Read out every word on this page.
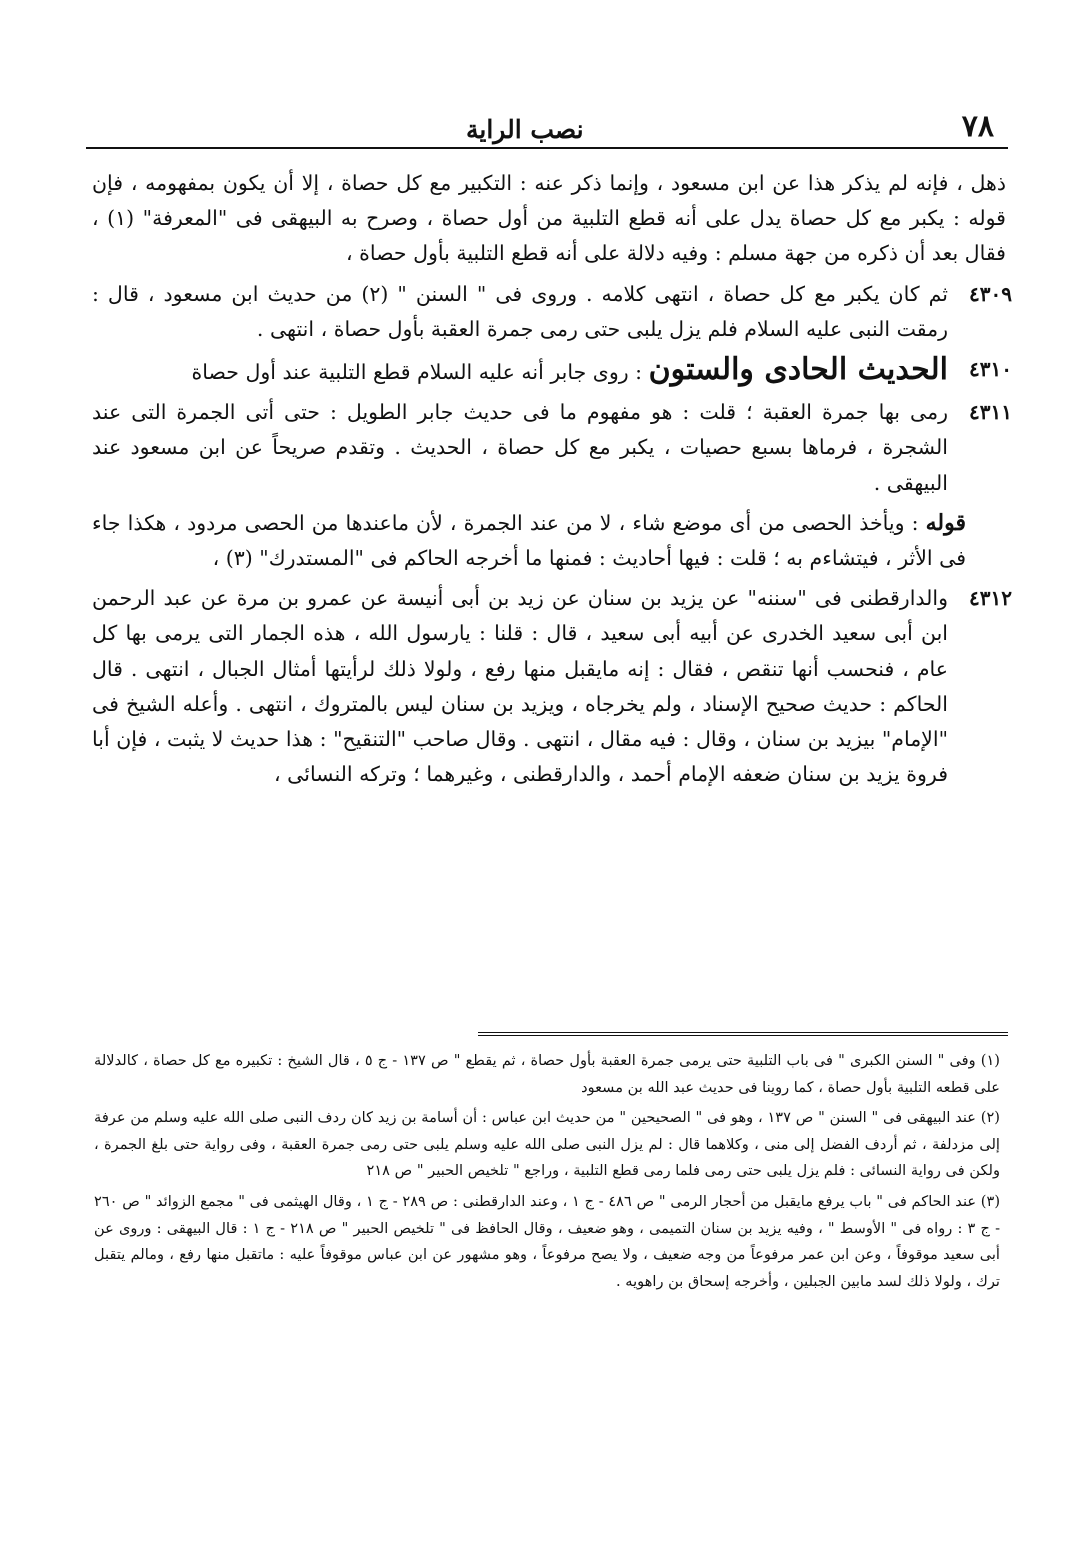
٧٨
نصب الراية

ذهل ، فإنه لم يذكر هذا عن ابن مسعود ، وإنما ذكر عنه : التكبير مع كل حصاة ، إلا أن يكون بمفهومه ، فإن قوله : يكبر مع كل حصاة يدل على أنه قطع التلبية من أول حصاة ، وصرح به البيهقى فى "المعرفة" (١) ، فقال بعد أن ذكره من جهة مسلم : وفيه دلالة على أنه قطع التلبية بأول حصاة ،

٤٣٠٩
ثم كان يكبر مع كل حصاة ، انتهى كلامه . وروى فى " السنن " (٢) من حديث ابن مسعود ، قال : رمقت النبى عليه السلام فلم يزل يلبى حتى رمى جمرة العقبة بأول حصاة ، انتهى .

٤٣١٠
الحديث الحادى والستون : روى جابر أنه عليه السلام قطع التلبية عند أول حصاة

٤٣١١
رمى بها جمرة العقبة ؛ قلت : هو مفهوم ما فى حديث جابر الطويل : حتى أتى الجمرة التى عند الشجرة ، فرماها بسبع حصيات ، يكبر مع كل حصاة ، الحديث . وتقدم صريحاً عن ابن مسعود عند البيهقى .

قوله : ويأخذ الحصى من أى موضع شاء ، لا من عند الجمرة ، لأن ماعندها من الحصى مردود ، هكذا جاء فى الأثر ، فيتشاءم به ؛ قلت : فيها أحاديث : فمنها ما أخرجه الحاكم فى "المستدرك" (٣) ،

٤٣١٢
والدارقطنى فى "سننه" عن يزيد بن سنان عن زيد بن أبى أنيسة عن عمرو بن مرة عن عبد الرحمن ابن أبى سعيد الخدرى عن أبيه أبى سعيد ، قال : قلنا : يارسول الله ، هذه الجمار التى يرمى بها كل عام ، فنحسب أنها تنقص ، فقال : إنه مايقبل منها رفع ، ولولا ذلك لرأيتها أمثال الجبال ، انتهى . قال الحاكم : حديث صحيح الإسناد ، ولم يخرجاه ، ويزيد بن سنان ليس بالمتروك ، انتهى . وأعله الشيخ فى "الإمام" بيزيد بن سنان ، وقال : فيه مقال ، انتهى . وقال صاحب "التنقيح" : هذا حديث لا يثبت ، فإن أبا فروة يزيد بن سنان ضعفه الإمام أحمد ، والدارقطنى ، وغيرهما ؛ وتركه النسائى ،

(١) وفى " السنن الكبرى " فى باب التلبية حتى يرمى جمرة العقبة بأول حصاة ، ثم يقطع " ص ١٣٧ - ج ٥ ، قال الشيخ : تكبيره مع كل حصاة ، كالدلالة على قطعه التلبية بأول حصاة ، كما روينا فى حديث عبد الله بن مسعود

(٢) عند البيهقى فى " السنن " ص ١٣٧ ، وهو فى " الصحيحين " من حديث ابن عباس : أن أسامة بن زيد كان ردف النبى صلى الله عليه وسلم من عرفة إلى مزدلفة ، ثم أردف الفضل إلى منى ، وكلاهما قال : لم يزل النبى صلى الله عليه وسلم يلبى حتى رمى جمرة العقبة ، وفى رواية حتى بلغ الجمرة ، ولكن فى رواية النسائى : فلم يزل يلبى حتى رمى فلما رمى قطع التلبية ، وراجع " تلخيص الحبير " ص ٢١٨

(٣) عند الحاكم فى " باب يرفع مايقبل من أحجار الرمى " ص ٤٨٦ - ج ١ ، وعند الدارقطنى : ص ٢٨٩ - ج ١ ، وقال الهيثمى فى " مجمع الزوائد " ص ٢٦٠ - ج ٣ : رواه فى " الأوسط " ، وفيه يزيد بن سنان التميمى ، وهو ضعيف ، وقال الحافظ فى " تلخيص الحبير " ص ٢١٨ - ج ١ : قال البيهقى : وروى عن أبى سعيد موقوفاً ، وعن ابن عمر مرفوعاً من وجه ضعيف ، ولا يصح مرفوعاً ، وهو مشهور عن ابن عباس موقوفاً عليه : ماتقبل منها رفع ، ومالم يتقبل ترك ، ولولا ذلك لسد مابين الجبلين ، وأخرجه إسحاق بن راهويه .
